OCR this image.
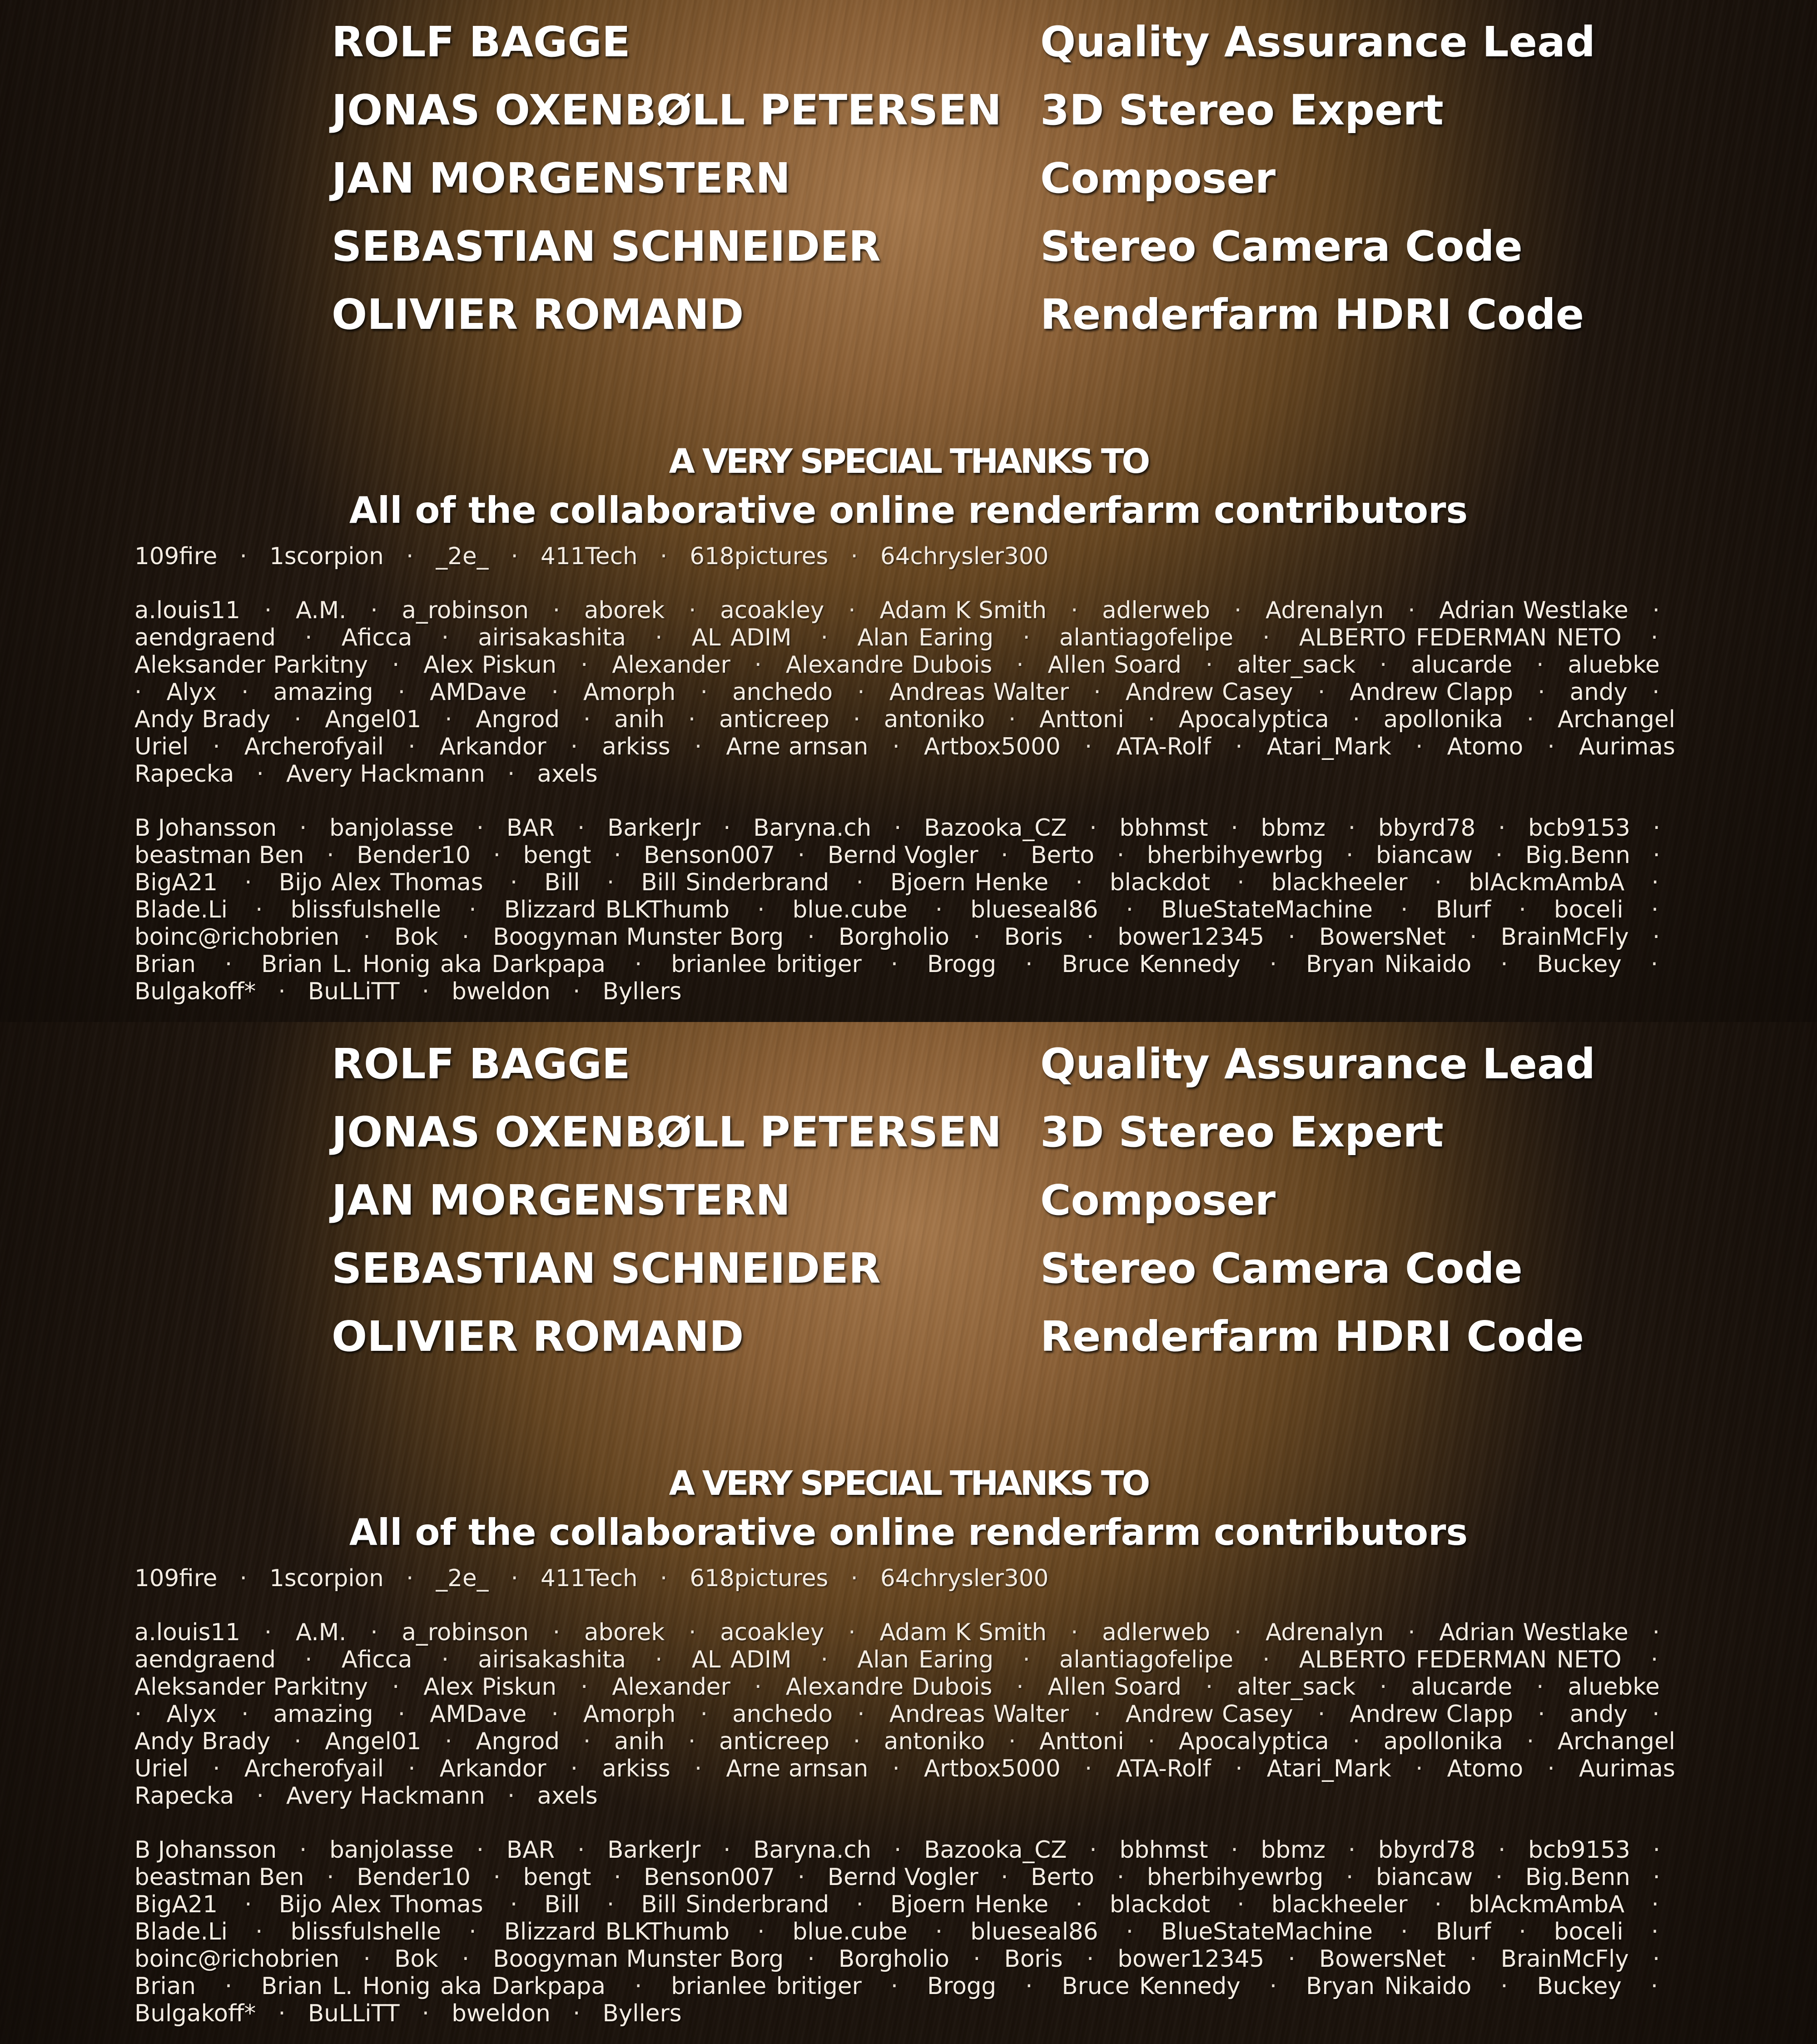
ROLF BAGGE	Quality Assurance Lead
JONAS OXENBØLL PETERSEN 3D Stereo Expert
JAN MORGENSTERN	Composer
SEBASTIAN SCHNEIDER	Stereo Camera Code
OLIVIER ROMAND	Renderfarm HDRI Code
A VERY SPECIAL THANKS TO
All of the collaborative online renderfarm contributors
109fire · 1scorpion · _2e_ · 411Tech · 618pictures · 64chrysler300
a.louis11 · A.M. · a_robinson · aborek · acoakley · Adam K Smith · adlerweb · Adrenalyn · Adrian Westlake ·   aendgraend · Aficca · airisakashita · AL ADIM · Alan Earing · alantiagofelipe · ALBERTO FEDERMAN NETO ·   Aleksander Parkitny · Alex Piskun · Alexander · Alexandre Dubois · Allen Soard · alter_sack · alucarde · aluebke   · Alyx · amazing · AMDave · Amorph · anchedo · Andreas Walter · Andrew Casey · Andrew Clapp · andy ·   Andy Brady · Angel01 · Angrod · anih · anticreep · antoniko · Anttoni · Apocalyptica · apollonika · Archangel Uriel · Archerofyail · Arkandor · arkiss · Arne arnsan · Artbox5000 · ATA-Rolf · Atari_Mark · Atomo · Aurimas Rapecka · Avery Hackmann · axels
B Johansson · banjolasse · BAR · BarkerJr · Baryna.ch · Bazooka_CZ · bbhmst · bbmz · bbyrd78 · bcb9153 ·   beastman Ben · Bender10 · bengt · Benson007 · Bernd Vogler · Berto · bherbihyewrbg · biancaw · Big.Benn ·   BigA21 · Bijo Alex Thomas · Bill · Bill Sinderbrand · Bjoern Henke · blackdot · blackheeler · blAckmAmbA ·   Blade.Li · blissfulshelle · Blizzard BLKThumb · blue.cube · blueseal86 · BlueStateMachine · Blurf · boceli ·   boinc@richobrien · Bok · Boogyman Munster Borg · Borgholio · Boris · bower12345 · BowersNet · BrainMcFly ·   Brian · Brian L. Honig aka Darkpapa · brianlee britiger · Brogg · Bruce Kennedy · Bryan Nikaido · Buckey ·   Bulgakoff* · BuLLiTT · bweldon · Byllers

ROLF BAGGE	Quality Assurance Lead
JONAS OXENBØLL PETERSEN 3D Stereo Expert
JAN MORGENSTERN	Composer
SEBASTIAN SCHNEIDER	Stereo Camera Code
OLIVIER ROMAND	Renderfarm HDRI Code
A VERY SPECIAL THANKS TO
All of the collaborative online renderfarm contributors
109fire · 1scorpion · _2e_ · 411Tech · 618pictures · 64chrysler300
a.louis11 · A.M. · a_robinson · aborek · acoakley · Adam K Smith · adlerweb · Adrenalyn · Adrian Westlake ·   aendgraend · Aficca · airisakashita · AL ADIM · Alan Earing · alantiagofelipe · ALBERTO FEDERMAN NETO ·   Aleksander Parkitny · Alex Piskun · Alexander · Alexandre Dubois · Allen Soard · alter_sack · alucarde · aluebke   · Alyx · amazing · AMDave · Amorph · anchedo · Andreas Walter · Andrew Casey · Andrew Clapp · andy ·   Andy Brady · Angel01 · Angrod · anih · anticreep · antoniko · Anttoni · Apocalyptica · apollonika · Archangel Uriel · Archerofyail · Arkandor · arkiss · Arne arnsan · Artbox5000 · ATA-Rolf · Atari_Mark · Atomo · Aurimas Rapecka · Avery Hackmann · axels
B Johansson · banjolasse · BAR · BarkerJr · Baryna.ch · Bazooka_CZ · bbhmst · bbmz · bbyrd78 · bcb9153 ·   beastman Ben · Bender10 · bengt · Benson007 · Bernd Vogler · Berto · bherbihyewrbg · biancaw · Big.Benn ·   BigA21 · Bijo Alex Thomas · Bill · Bill Sinderbrand · Bjoern Henke · blackdot · blackheeler · blAckmAmbA ·   Blade.Li · blissfulshelle · Blizzard BLKThumb · blue.cube · blueseal86 · BlueStateMachine · Blurf · boceli ·   boinc@richobrien · Bok · Boogyman Munster Borg · Borgholio · Boris · bower12345 · BowersNet · BrainMcFly ·   Brian · Brian L. Honig aka Darkpapa · brianlee britiger · Brogg · Bruce Kennedy · Bryan Nikaido · Buckey ·   Bulgakoff* · BuLLiTT · bweldon · Byllers
